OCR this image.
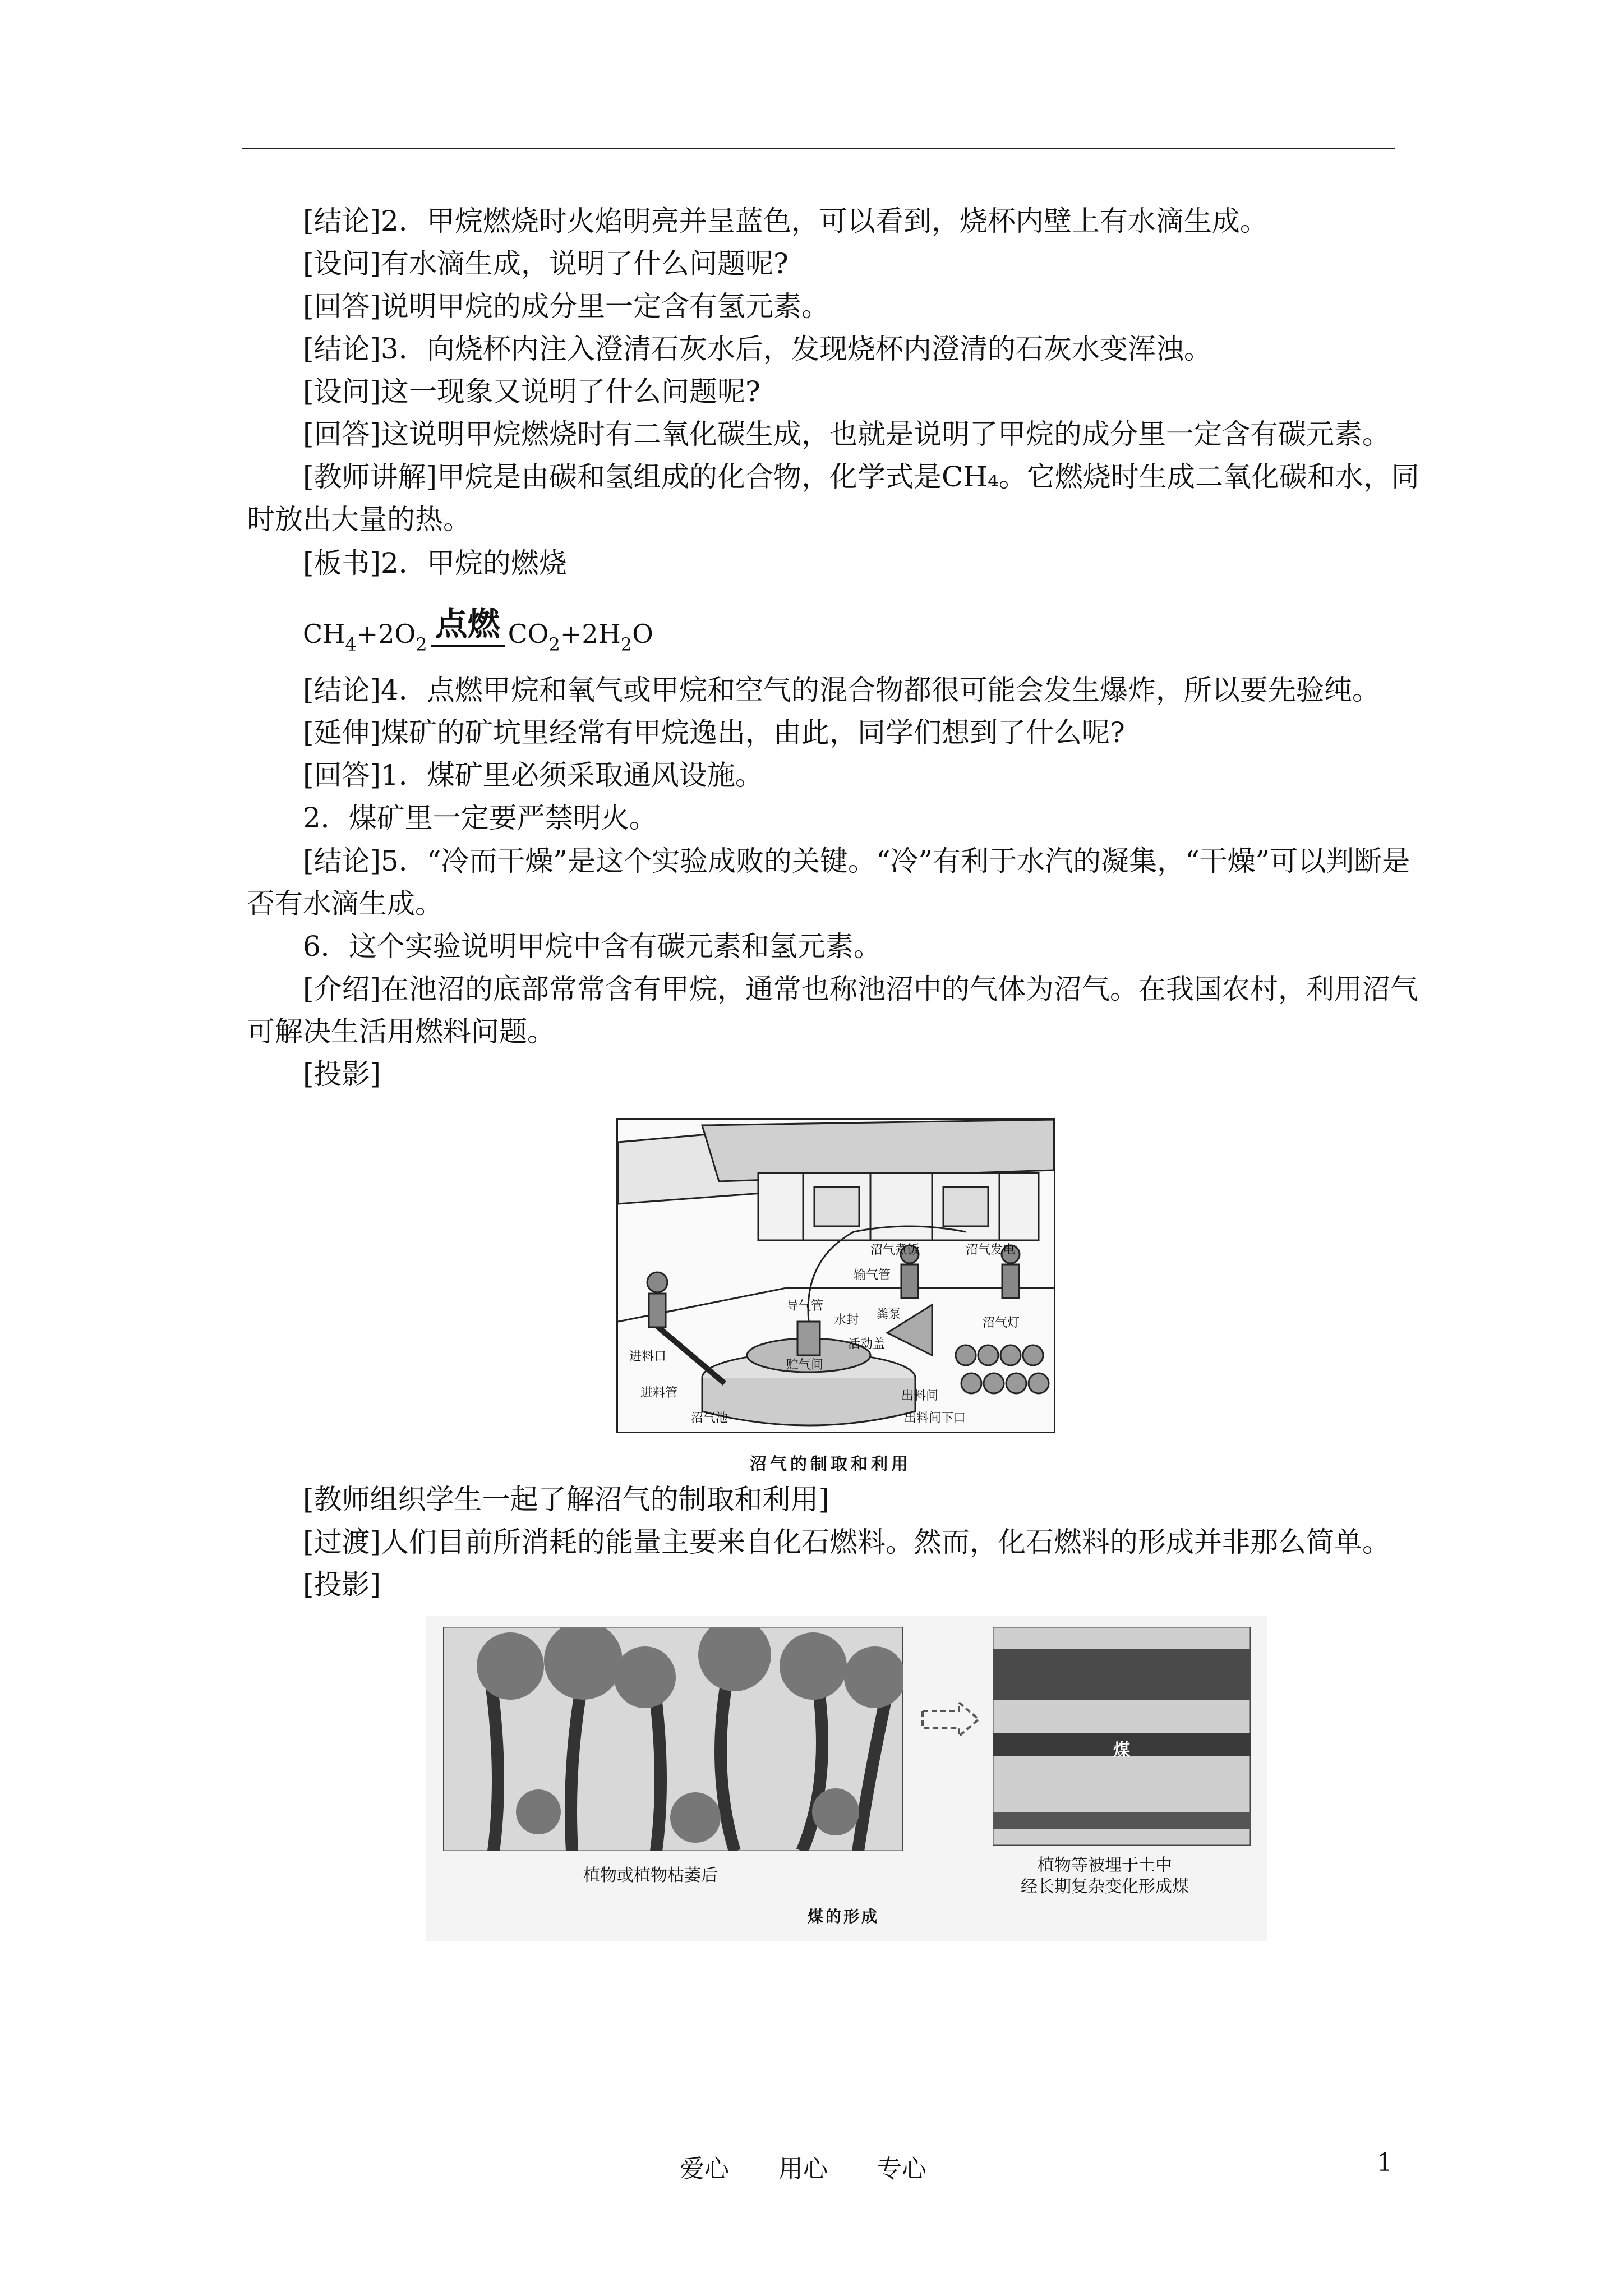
[结论]2．甲烷燃烧时火焰明亮并呈蓝色，可以看到，烧杯内壁上有水滴生成。
[设问]有水滴生成，说明了什么问题呢?
[回答]说明甲烷的成分里一定含有氢元素。
[结论]3．向烧杯内注入澄清石灰水后，发现烧杯内澄清的石灰水变浑浊。
[设问]这一现象又说明了什么问题呢?
[回答]这说明甲烷燃烧时有二氧化碳生成，也就是说明了甲烷的成分里一定含有碳元素。
[教师讲解]甲烷是由碳和氢组成的化合物，化学式是CH₄。它燃烧时生成二氧化碳和水，同
时放出大量的热。
[板书]2．甲烷的燃烧
$CH_4+2O_2$点燃 $CO_2+2H_2O$
[结论]4．点燃甲烷和氧气或甲烷和空气的混合物都很可能会发生爆炸，所以要先验纯。
[延伸]煤矿的矿坑里经常有甲烷逸出，由此，同学们想到了什么呢?
[回答]1．煤矿里必须采取通风设施。
2．煤矿里一定要严禁明火。
[结论]5．“冷而干燥”是这个实验成败的关键。“冷”有利于水汽的凝集，“干燥”可以判断是
否有水滴生成。
6．这个实验说明甲烷中含有碳元素和氢元素。
[介绍]在池沼的底部常常含有甲烷，通常也称池沼中的气体为沼气。在我国农村，利用沼气
可解决生活用燃料问题。
[投影]
沼气煮饭	沼气发电
输气管
导气管
水封 粪泵
活动盖
进料口
贮气间
进料管	出料间
沼气池	出料间下口
沼气灯
沼气的制取和利用
[教师组织学生一起了解沼气的制取和利用]
[过渡]人们目前所消耗的能量主要来自化石燃料。然而，化石燃料的形成并非那么简单。
[投影]
煤
植物或植物枯萎后
植物等被埋于土中
经长期复杂变化形成煤
煤的形成
爱心　　用心　　专心	1
